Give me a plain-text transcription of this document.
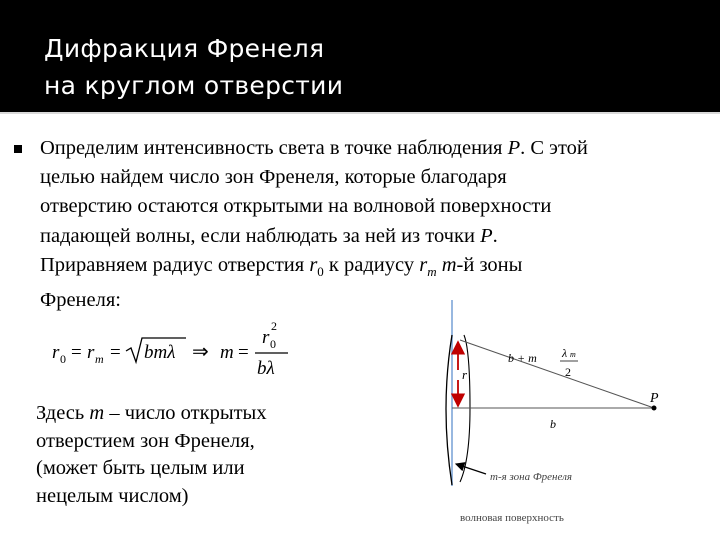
Дифракция Френеля
на круглом отверстии
Определим интенсивность света в точке наблюдения P. С этой
целью найдем число зон Френеля, которые благодаря
отверстию остаются открытыми на волновой поверхности
падающей волны, если наблюдать за ней из точки P.
Приравняем радиус отверстия $r_0$ к радиусу $r_m$ m-й зоны
Френеля:
r 0 = r m = bmλ ⇒ m =
r 0
2
bλ
Здесь m – число открытых
отверстием зон Френеля,
(может быть целым или
нецелым числом)
r
b
P
b + m λ m
2
m-я зона Френеля
волновая поверхность
